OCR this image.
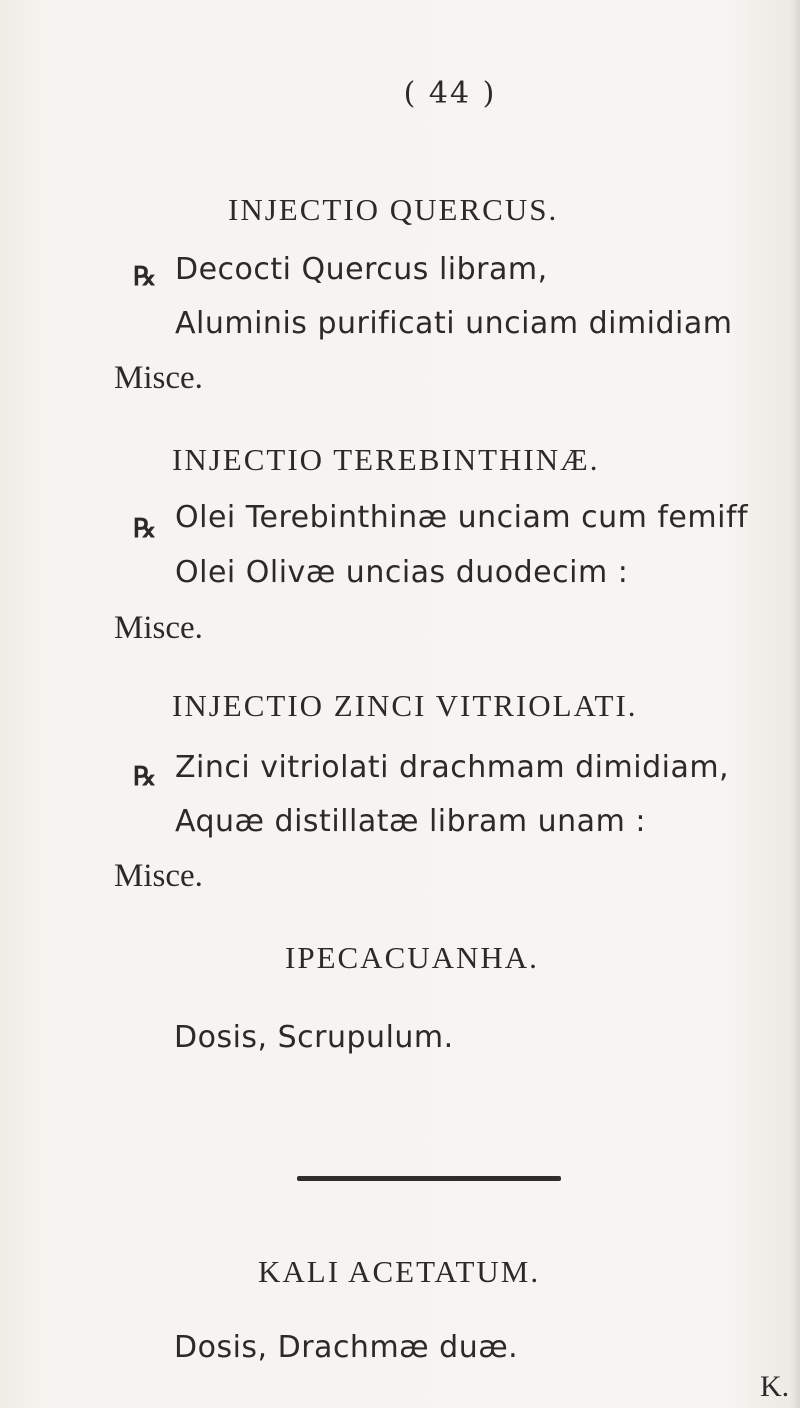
( 44 )
INJECTIO QUERCUS.
℞ Decocti Quercus libram,
Aluminis purificati unciam dimidiam
Misce.
INJECTIO TEREBINTHINÆ.
℞ Olei Terebinthinæ unciam cum femiff
Olei Olivæ uncias duodecim :
Misce.
INJECTIO ZINCI VITRIOLATI.
℞ Zinci vitriolati drachmam dimidiam,
Aquæ distillatæ libram unam :
Misce.
IPECACUANHA.
Dosis, Scrupulum.
KALI ACETATUM.
Dosis, Drachmæ duæ.
K.
